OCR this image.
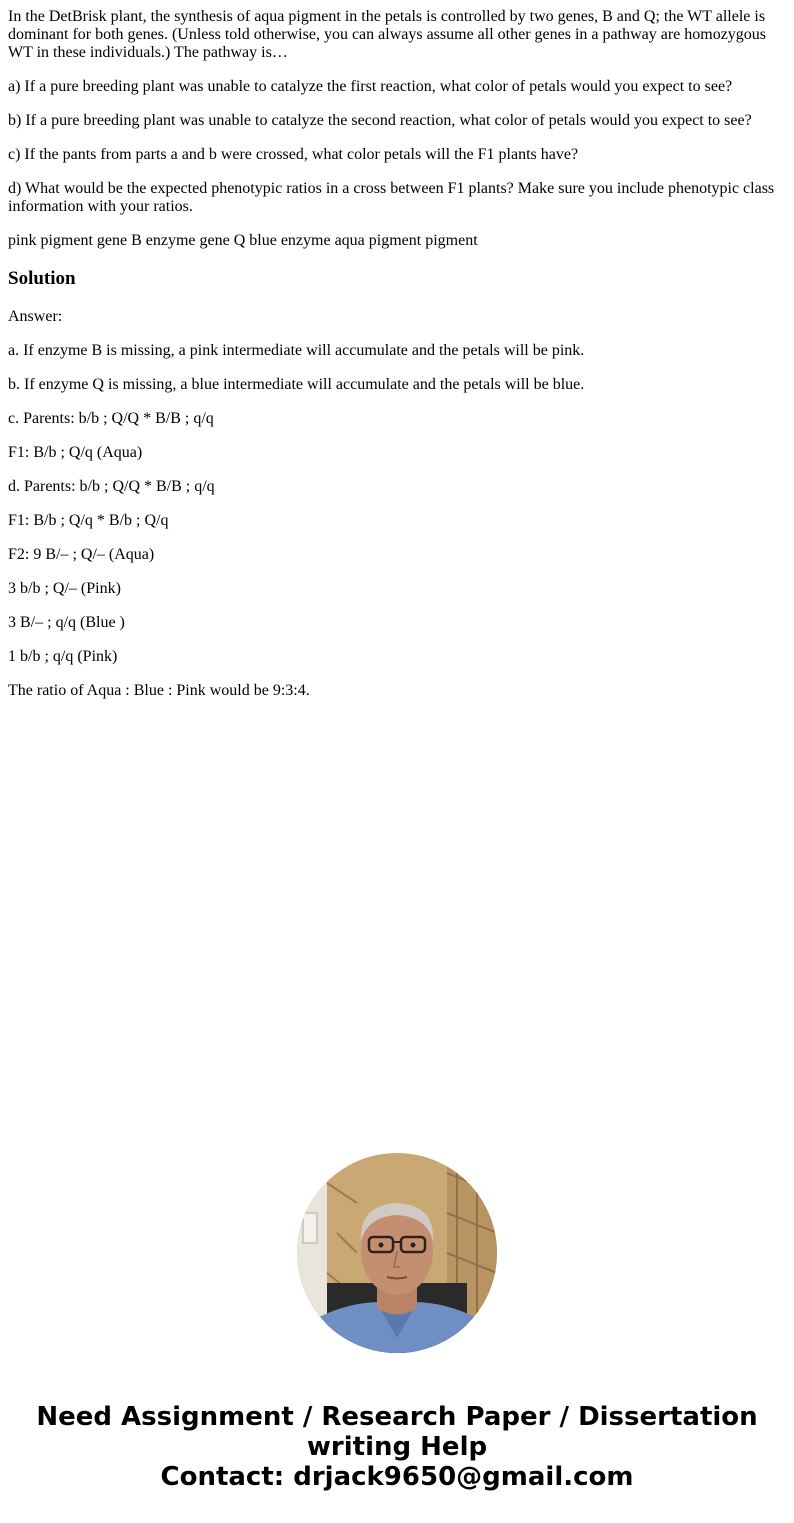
In the DetBrisk plant, the synthesis of aqua pigment in the petals is controlled by two genes, B and Q; the WT allele is dominant for both genes. (Unless told otherwise, you can always assume all other genes in a pathway are homozygous WT in these individuals.) The pathway is…

a) If a pure breeding plant was unable to catalyze the first reaction, what color of petals would you expect to see?

b) If a pure breeding plant was unable to catalyze the second reaction, what color of petals would you expect to see?

c) If the pants from parts a and b were crossed, what color petals will the F1 plants have?

d) What would be the expected phenotypic ratios in a cross between F1 plants? Make sure you include phenotypic class information with your ratios.

pink pigment gene B enzyme gene Q blue enzyme aqua pigment pigment

Solution

Answer:

a. If enzyme B is missing, a pink intermediate will accumulate and the petals will be pink.

b. If enzyme Q is missing, a blue intermediate will accumulate and the petals will be blue.

c. Parents: b/b ; Q/Q * B/B ; q/q

F1: B/b ; Q/q (Aqua)

d. Parents: b/b ; Q/Q * B/B ; q/q

F1: B/b ; Q/q * B/b ; Q/q

F2: 9 B/– ; Q/– (Aqua)

3 b/b ; Q/– (Pink)

3 B/– ; q/q (Blue )

1 b/b ; q/q (Pink)

The ratio of Aqua : Blue : Pink would be 9:3:4.

Need Assignment / Research Paper / Dissertation
writing Help
Contact: drjack9650@gmail.com
